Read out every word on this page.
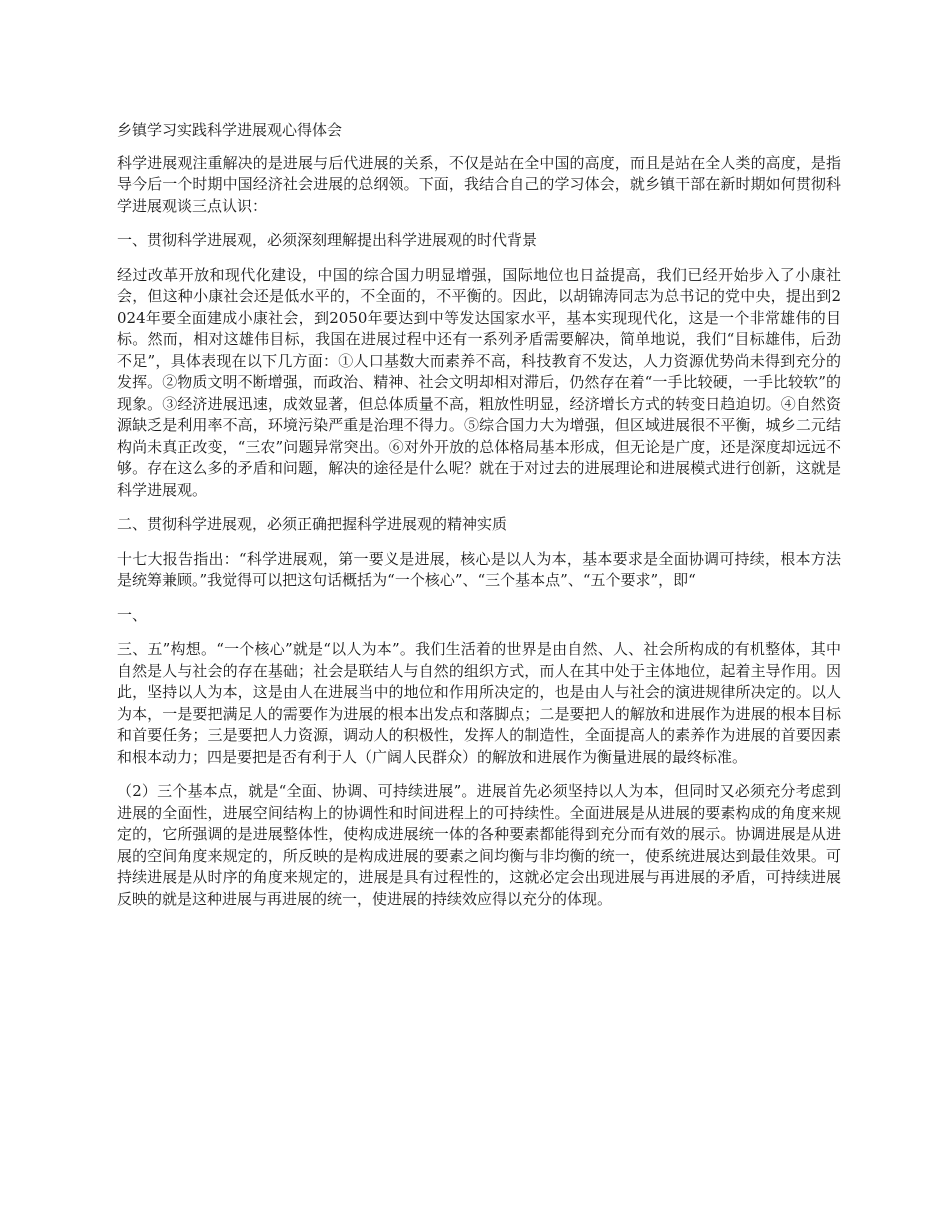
乡镇学习实践科学进展观心得体会
科学进展观注重解决的是进展与后代进展的关系，不仅是站在全中国的高度，而且是站在全人类的高度，是指导今后一个时期中国经济社会进展的总纲领。下面，我结合自己的学习体会，就乡镇干部在新时期如何贯彻科学进展观谈三点认识：
一、贯彻科学进展观，必须深刻理解提出科学进展观的时代背景
经过改革开放和现代化建设，中国的综合国力明显增强，国际地位也日益提高，我们已经开始步入了小康社会，但这种小康社会还是低水平的，不全面的，不平衡的。因此，以胡锦涛同志为总书记的党中央，提出到2024年要全面建成小康社会，到2050年要达到中等发达国家水平，基本实现现代化，这是一个非常雄伟的目标。然而，相对这雄伟目标，我国在进展过程中还有一系列矛盾需要解决，简单地说，我们“目标雄伟，后劲不足”，具体表现在以下几方面：①人口基数大而素养不高，科技教育不发达，人力资源优势尚未得到充分的发挥。②物质文明不断增强，而政治、精神、社会文明却相对滞后，仍然存在着“一手比较硬，一手比较软”的现象。③经济进展迅速，成效显著，但总体质量不高，粗放性明显，经济增长方式的转变日趋迫切。④自然资源缺乏是利用率不高，环境污染严重是治理不得力。⑤综合国力大为增强，但区域进展很不平衡，城乡二元结构尚未真正改变，“三农”问题异常突出。⑥对外开放的总体格局基本形成，但无论是广度，还是深度却远远不够。存在这么多的矛盾和问题，解决的途径是什么呢？就在于对过去的进展理论和进展模式进行创新，这就是科学进展观。
二、贯彻科学进展观，必须正确把握科学进展观的精神实质
十七大报告指出：“科学进展观，第一要义是进展，核心是以人为本，基本要求是全面协调可持续，根本方法是统筹兼顾。”我觉得可以把这句话概括为“一个核心”、“三个基本点”、“五个要求”，即“
一、
三、五”构想。“一个核心”就是“以人为本”。我们生活着的世界是由自然、人、社会所构成的有机整体，其中自然是人与社会的存在基础；社会是联结人与自然的组织方式，而人在其中处于主体地位，起着主导作用。因此，坚持以人为本，这是由人在进展当中的地位和作用所决定的，也是由人与社会的演进规律所决定的。以人为本，一是要把满足人的需要作为进展的根本出发点和落脚点；二是要把人的解放和进展作为进展的根本目标和首要任务；三是要把人力资源，调动人的积极性，发挥人的制造性，全面提高人的素养作为进展的首要因素和根本动力；四是要把是否有利于人（广阔人民群众）的解放和进展作为衡量进展的最终标准。
（2）三个基本点，就是“全面、协调、可持续进展”。进展首先必须坚持以人为本，但同时又必须充分考虑到进展的全面性，进展空间结构上的协调性和时间进程上的可持续性。全面进展是从进展的要素构成的角度来规定的，它所强调的是进展整体性，使构成进展统一体的各种要素都能得到充分而有效的展示。协调进展是从进展的空间角度来规定的，所反映的是构成进展的要素之间均衡与非均衡的统一，使系统进展达到最佳效果。可持续进展是从时序的角度来规定的，进展是具有过程性的，这就必定会出现进展与再进展的矛盾，可持续进展反映的就是这种进展与再进展的统一，使进展的持续效应得以充分的体现。
